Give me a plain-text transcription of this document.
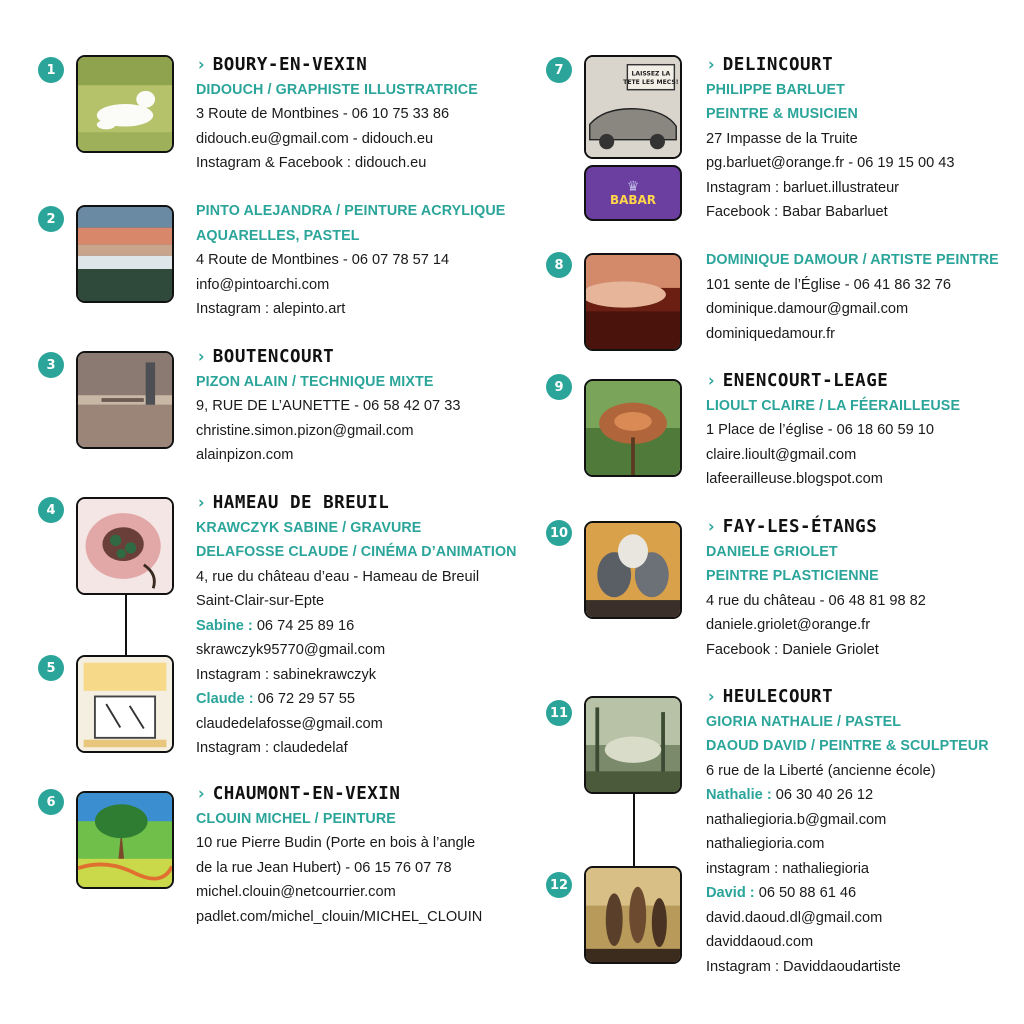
1	› BOURY-EN-VEXIN
DIDOUCH / GRAPHISTE ILLUSTRATRICE
3 Route de Montbines - 06 10 75 33 86
didouch.eu@gmail.com - didouch.eu
Instagram & Facebook : didouch.eu
2	PINTO ALEJANDRA / PEINTURE ACRYLIQUE
AQUARELLES, PASTEL
4 Route de Montbines - 06 07 78 57 14
info@pintoarchi.com
Instagram : alepinto.art
3	› BOUTENCOURT
PIZON ALAIN / TECHNIQUE MIXTE
9, RUE DE L’AUNETTE - 06 58 42 07 33
christine.simon.pizon@gmail.com
alainpizon.com
4
5
› HAMEAU DE BREUIL
KRAWCZYK SABINE / GRAVURE
DELAFOSSE CLAUDE / CINÉMA D’ANIMATION
4, rue du château d’eau - Hameau de Breuil
Saint-Clair-sur-Epte
Sabine : 06 74 25 89 16
skrawczyk95770@gmail.com
Instagram : sabinekrawczyk
Claude : 06 72 29 57 55
claudedelafosse@gmail.com
Instagram : claudedelaf
6	› CHAUMONT-EN-VEXIN
CLOUIN MICHEL / PEINTURE
10 rue Pierre Budin (Porte en bois à l’angle
de la rue Jean Hubert) - 06 15 76 07 78
michel.clouin@netcourrier.com
padlet.com/michel_clouin/MICHEL_CLOUIN
7	LAISSEZ LA
TETE LES MECS!
♛
BABAR
› DELINCOURT
PHILIPPE BARLUET
PEINTRE & MUSICIEN
27 Impasse de la Truite
pg.barluet@orange.fr - 06 19 15 00 43
Instagram : barluet.illustrateur
Facebook : Babar Babarluet
8	DOMINIQUE DAMOUR / ARTISTE PEINTRE
101 sente de l’Église - 06 41 86 32 76
dominique.damour@gmail.com
dominiquedamour.fr
9	› ENENCOURT-LEAGE
LIOULT CLAIRE / LA FÉERAILLEUSE
1 Place de l’église - 06 18 60 59 10
claire.lioult@gmail.com
lafeerailleuse.blogspot.com
10	› FAY-LES-ÉTANGS
DANIELE GRIOLET
PEINTRE PLASTICIENNE
4 rue du château - 06 48 81 98 82
daniele.griolet@orange.fr
Facebook : Daniele Griolet
11
12
› HEULECOURT
GIORIA NATHALIE / PASTEL
DAOUD DAVID / PEINTRE & SCULPTEUR
6 rue de la Liberté (ancienne école)
Nathalie : 06 30 40 26 12
nathaliegioria.b@gmail.com
nathaliegioria.com
instagram : nathaliegioria
David : 06 50 88 61 46
david.daoud.dl@gmail.com
daviddaoud.com
Instagram : Daviddaoudartiste
